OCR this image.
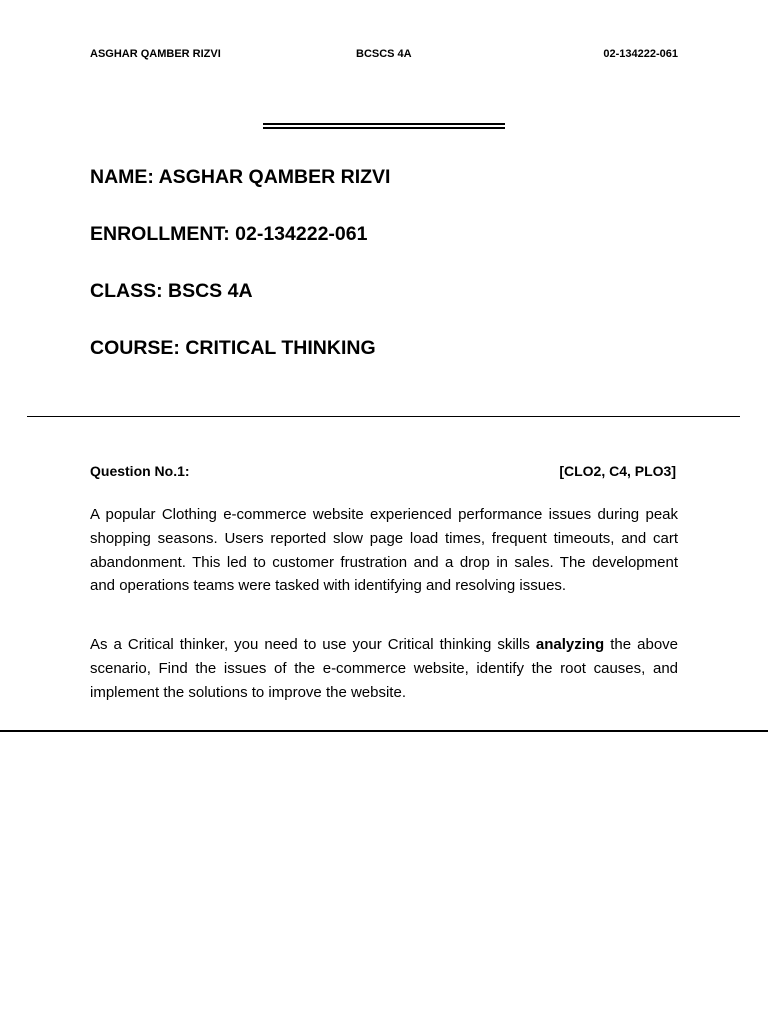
ASGHAR QAMBER RIZVI	BCSCS 4A	02-134222-061
NAME: ASGHAR QAMBER RIZVI
ENROLLMENT: 02-134222-061
CLASS: BSCS 4A
COURSE: CRITICAL THINKING
Question No.1:	[CLO2, C4, PLO3]
A popular Clothing e-commerce website experienced performance issues during peak shopping seasons. Users reported slow page load times, frequent timeouts, and cart abandonment. This led to customer frustration and a drop in sales. The development and operations teams were tasked with identifying and resolving issues.
As a Critical thinker, you need to use your Critical thinking skills analyzing the above
scenario, Find the issues of the e-commerce website, identify the root causes, and
implement the solutions to improve the website.
